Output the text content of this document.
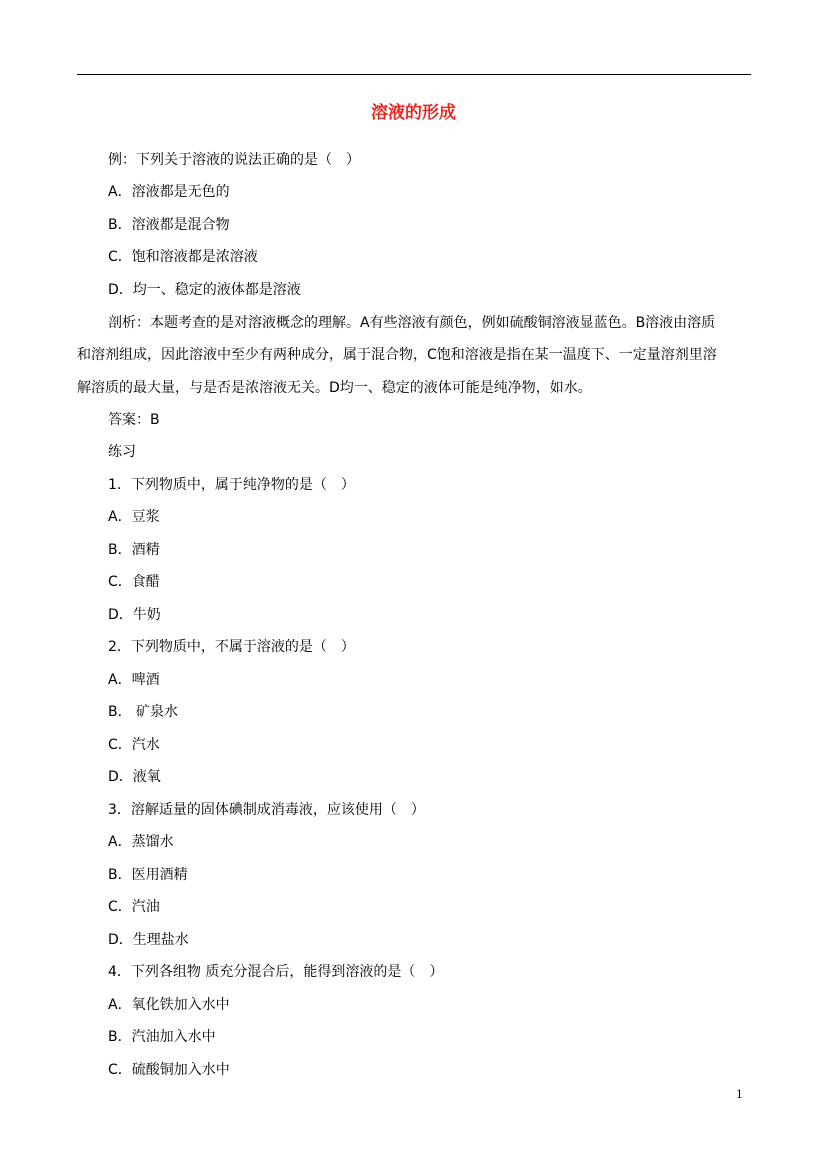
溶液的形成
例：下列关于溶液的说法正确的是（　）
A．溶液都是无色的
B．溶液都是混合物
C．饱和溶液都是浓溶液
D．均一、稳定的液体都是溶液
剖析：本题考查的是对溶液概念的理解。A有些溶液有颜色，例如硫酸铜溶液显蓝色。B溶液由溶质
和溶剂组成，因此溶液中至少有两种成分，属于混合物，C饱和溶液是指在某一温度下、一定量溶剂里溶
解溶质的最大量，与是否是浓溶液无关。D均一、稳定的液体可能是纯净物，如水。
答案：B
练习
1．下列物质中，属于纯净物的是（　）
A．豆浆
B．酒精
C．食醋
D．牛奶
2．下列物质中，不属于溶液的是（　）
A．啤酒
B． 矿泉水
C．汽水
D．液氧
3．溶解适量的固体碘制成消毒液，应该使用（　）
A．蒸馏水
B．医用酒精
C．汽油
D．生理盐水
4．下列各组物 质充分混合后，能得到溶液的是（　）
A．氧化铁加入水中
B．汽油加入水中
C．硫酸铜加入水中
1
